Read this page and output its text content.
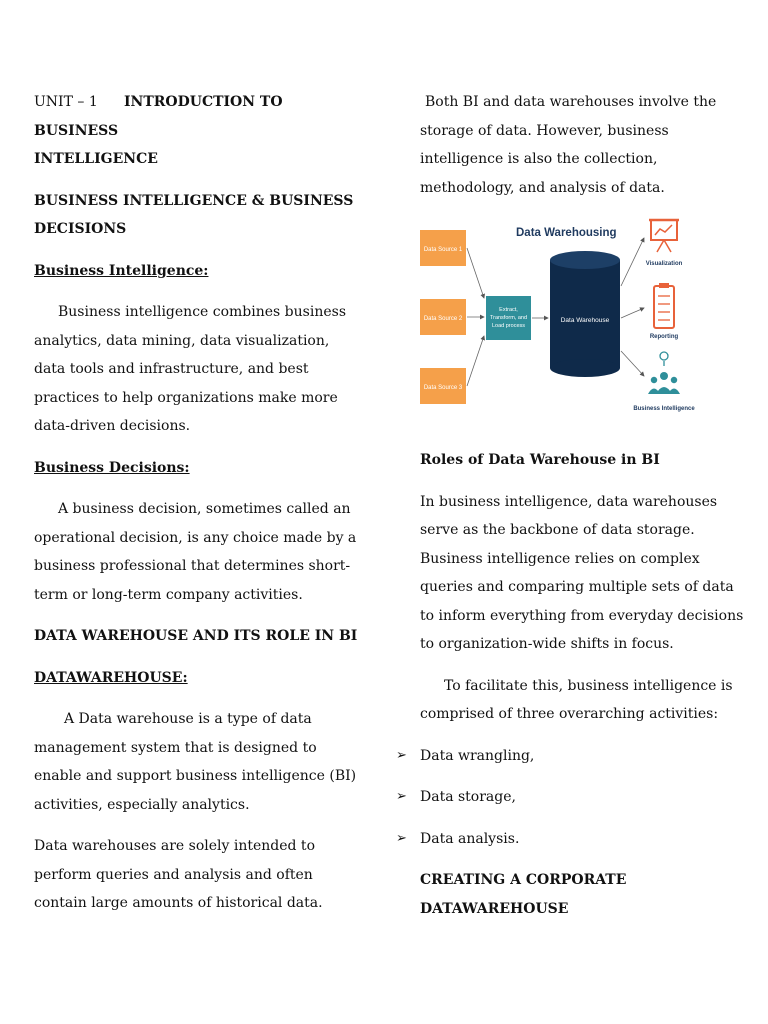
UNIT – 1 INTRODUCTION TO BUSINESS

INTELLIGENCE

BUSINESS INTELLIGENCE & BUSINESS DECISIONS

Business Intelligence:

Business intelligence combines business analytics, data mining, data visualization, data tools and infrastructure, and best practices to help organizations make more data-driven decisions.

Business Decisions:

A business decision, sometimes called an operational decision, is any choice made by a business professional that determines short-term or long-term company activities.

DATA WAREHOUSE AND ITS ROLE IN BI

DATAWAREHOUSE:

A Data warehouse is a type of data management system that is designed to enable and support business intelligence (BI) activities, especially analytics.

Data warehouses are solely intended to perform queries and analysis and often contain large amounts of historical data.

Both BI and data warehouses involve the storage of data. However, business intelligence is also the collection, methodology, and analysis of data.

Data Warehousing
Data Source 1
Data Source 2
Data Source 3
Extract,
Transform, and
Load process
Data Warehouse
Visualization
Reporting
Business Intelligence

Roles of Data Warehouse in BI

In business intelligence, data warehouses serve as the backbone of data storage. Business intelligence relies on complex queries and comparing multiple sets of data to inform everything from everyday decisions to organization-wide shifts in focus.

To facilitate this, business intelligence is comprised of three overarching activities:

➢ Data wrangling,
➢ Data storage,
➢ Data analysis.

CREATING A CORPORATE DATAWAREHOUSE
